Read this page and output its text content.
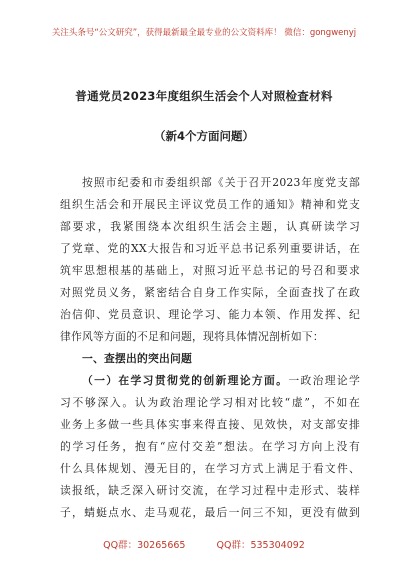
关注头条号“公文研究”，获得最新最全最专业的公文资料库！ 微信：gongwenyj
普通党员2023年度组织生活会个人对照检查材料
（新4个方面问题）
按照市纪委和市委组织部《关于召开2023年度党支部
组织生活会和开展民主评议党员工作的通知》精神和党支
部要求，我紧围绕本次组织生活会主题，认真研读学习
了党章、党的XX大报告和习近平总书记系列重要讲话，在
筑牢思想根基的基础上，对照习近平总书记的号召和要求
对照党员义务，紧密结合自身工作实际，全面查找了在政
治信仰、党员意识、理论学习、能力本领、作用发挥、纪
律作风等方面的不足和问题，现将具体情况剖析如下：
一、查摆出的突出问题
（一）在学习贯彻党的创新理论方面。一政治理论学
习不够深入。认为政治理论学习相对比较“虚”，不如在
业务上多做一些具体实事来得直接、见效快，对支部安排
的学习任务，抱有“应付交差”想法。在学习方向上没有
什么具体规划、漫无目的，在学习方式上满足于看文件、
读报纸，缺乏深入研讨交流，在学习过程中走形式、装样
子，蜻蜓点水、走马观花，最后一问三不知，更没有做到
QQ群：30265665	QQ群：535304092
